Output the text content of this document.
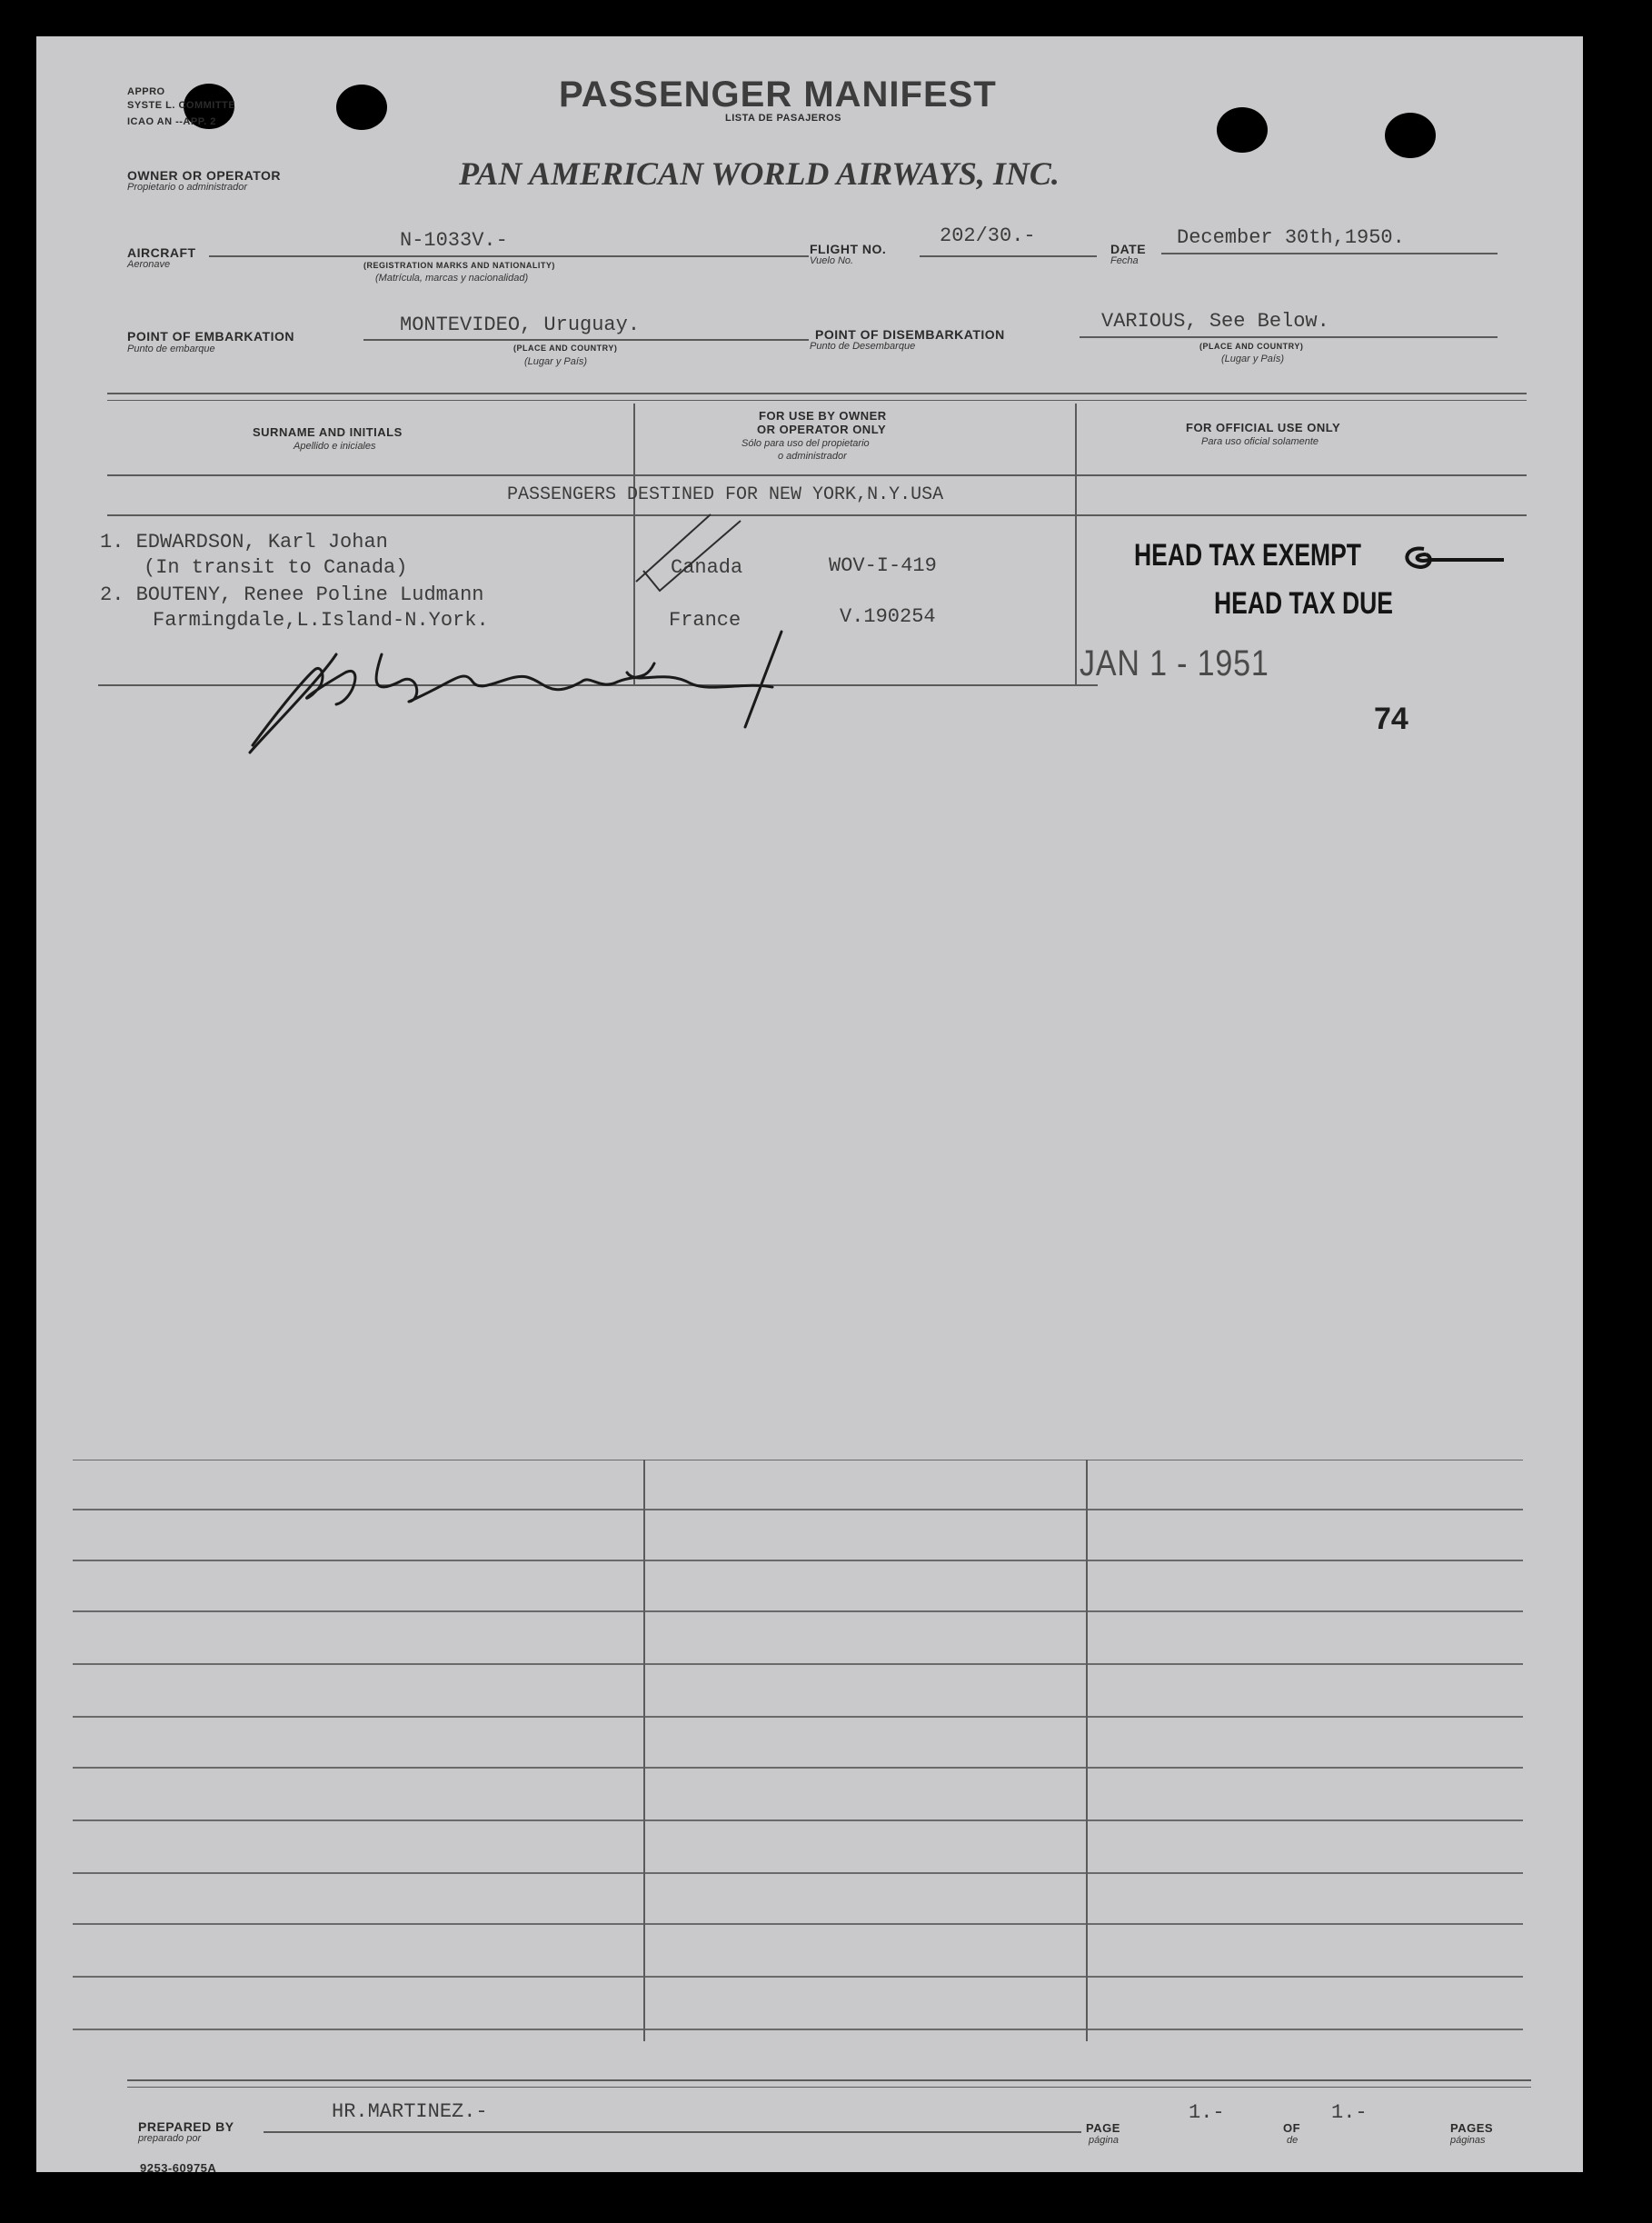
APPRO
SYSTE L. COMMITTE
ICAO AN --APP. 2
PASSENGER MANIFEST
LISTA DE PASAJEROS
OWNER OR OPERATOR
Propietario o administrador	PAN AMERICAN WORLD AIRWAYS, INC.
AIRCRAFT
Aeronave
N-1033V.-
(REGISTRATION MARKS AND NATIONALITY)
(Matrícula, marcas y nacionalidad)
FLIGHT NO.
Vuelo No.
202/30.-
DATE
Fecha
December 30th,1950.
POINT OF EMBARKATION
Punto de embarque
MONTEVIDEO, Uruguay.
(PLACE AND COUNTRY)
(Lugar y País)
POINT OF DISEMBARKATION
Punto de Desembarque
VARIOUS, See Below.
(PLACE AND COUNTRY)
(Lugar y País)
SURNAME AND INITIALS
Apellido e iniciales
FOR USE BY OWNER
OR OPERATOR ONLY
Sólo para uso del propietario
o administrador
FOR OFFICIAL USE ONLY
Para uso oficial solamente
PASSENGERS DESTINED FOR NEW YORK,N.Y.USA
1. EDWARDSON, Karl Johan
(In transit to Canada)	Canada	WOV-I-419
2. BOUTENY, Renee Poline Ludmann
Farmingdale,L.Island-N.York.	France	V.190254
HEAD TAX EXEMPT
HEAD TAX DUE
JAN 1 - 1951
74
PREPARED BY
preparado por
HR.MARTINEZ.-
9253-60975A
PAGE
página
1.-
OF
de
1.-
PAGES
páginas
